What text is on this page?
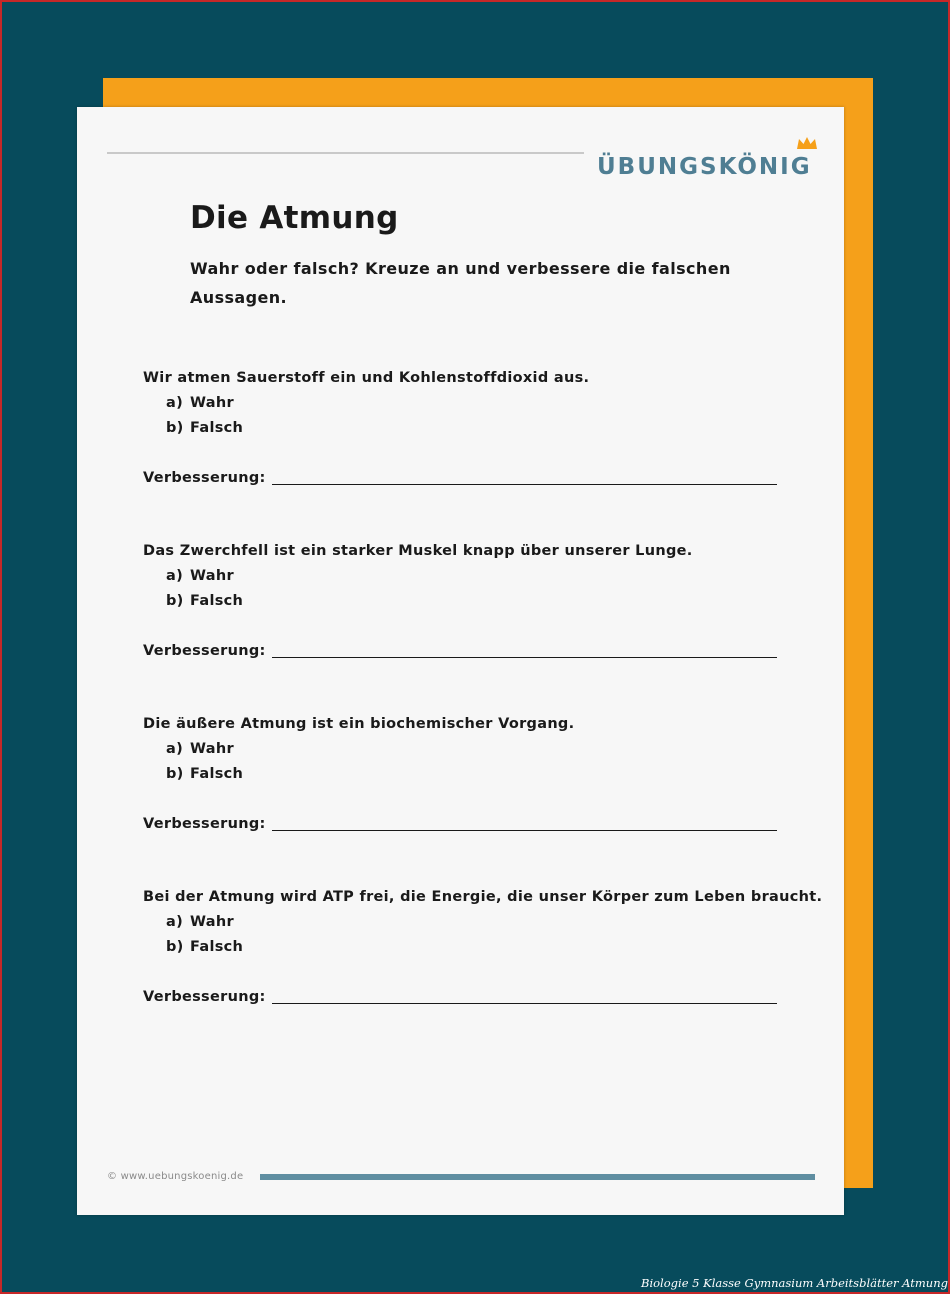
ÜBUNGSKÖNIG
Die Atmung
Wahr oder falsch? Kreuze an und verbessere die falschen Aussagen.
Wir atmen Sauerstoff ein und Kohlenstoffdioxid aus.
a) Wahr
b) Falsch
Verbesserung:
Das Zwerchfell ist ein starker Muskel knapp über unserer Lunge.
a) Wahr
b) Falsch
Verbesserung:
Die äußere Atmung ist ein biochemischer Vorgang.
a) Wahr
b) Falsch
Verbesserung:
Bei der Atmung wird ATP frei, die Energie, die unser Körper zum Leben braucht.
a) Wahr
b) Falsch
Verbesserung:
© www.uebungskoenig.de
Biologie 5 Klasse Gymnasium Arbeitsblätter Atmung
